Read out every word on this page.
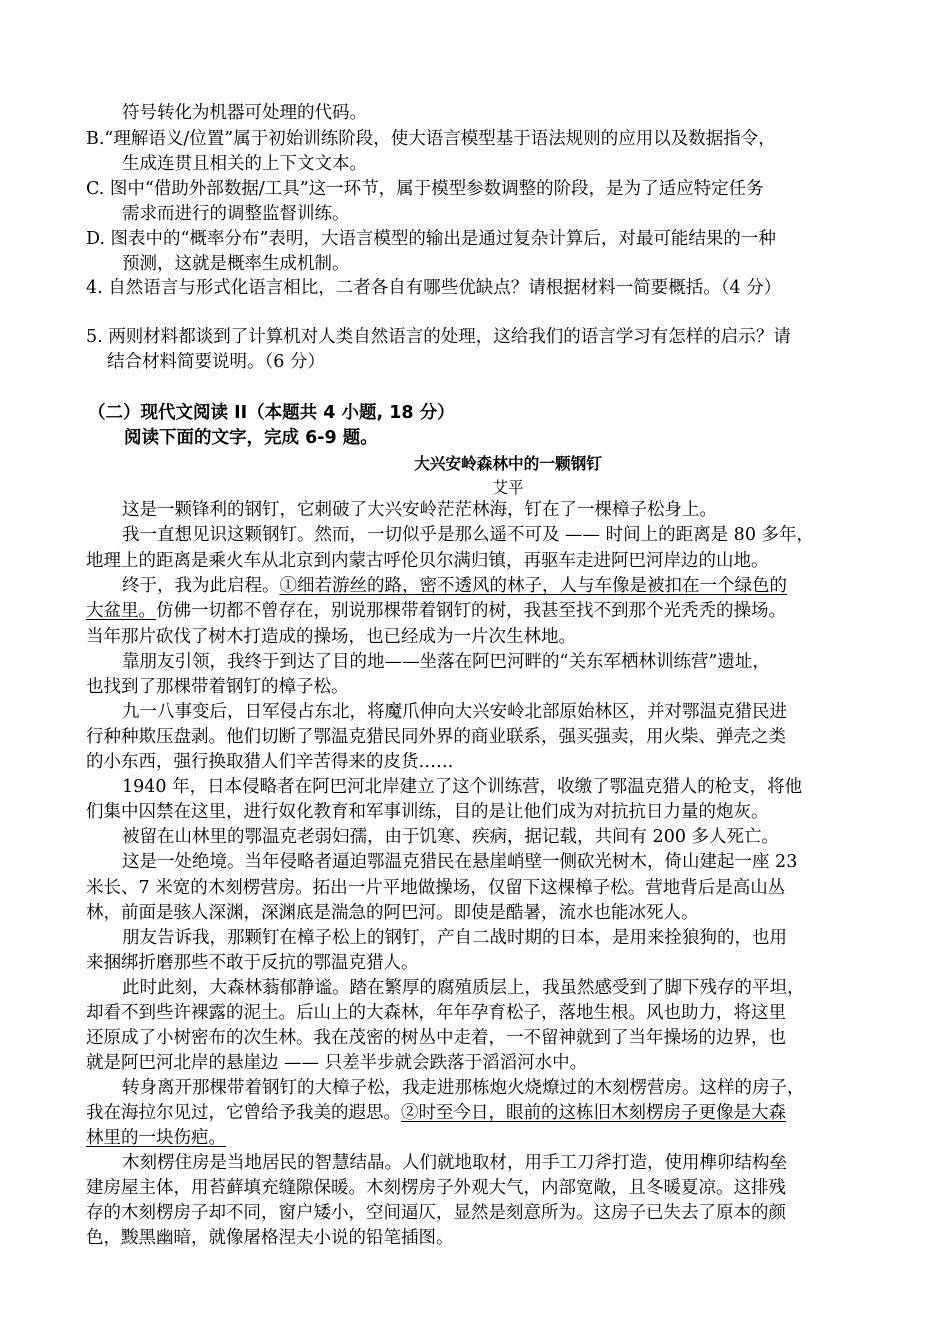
符号转化为机器可处理的代码。
B.“理解语义/位置”属于初始训练阶段，使大语言模型基于语法规则的应用以及数据指令，
生成连贯且相关的上下文文本。
C. 图中“借助外部数据/工具”这一环节，属于模型参数调整的阶段，是为了适应特定任务
需求而进行的调整监督训练。
D. 图表中的“概率分布”表明，大语言模型的输出是通过复杂计算后，对最可能结果的一种
预测，这就是概率生成机制。
4. 自然语言与形式化语言相比，二者各自有哪些优缺点？请根据材料一简要概括。（4 分）
5. 两则材料都谈到了计算机对人类自然语言的处理，这给我们的语言学习有怎样的启示？请
结合材料简要说明。（6 分）
（二）现代文阅读 II（本题共 4 小题, 18 分）
阅读下面的文字，完成 6-9 题。
大兴安岭森林中的一颗钢钉
艾平
这是一颗锋利的钢钉，它刺破了大兴安岭茫茫林海，钉在了一棵樟子松身上。
我一直想见识这颗钢钉。然而，一切似乎是那么遥不可及 —— 时间上的距离是 80 多年，
地理上的距离是乘火车从北京到内蒙古呼伦贝尔满归镇，再驱车走进阿巴河岸边的山地。
终于，我为此启程。①细若游丝的路，密不透风的林子，人与车像是被扣在一个绿色的
大盆里。仿佛一切都不曾存在，别说那棵带着钢钉的树，我甚至找不到那个光秃秃的操场。
当年那片砍伐了树木打造成的操场，也已经成为一片次生林地。
靠朋友引领，我终于到达了目的地——坐落在阿巴河畔的“关东军栖林训练营”遗址，
也找到了那棵带着钢钉的樟子松。
九一八事变后，日军侵占东北，将魔爪伸向大兴安岭北部原始林区，并对鄂温克猎民进
行种种欺压盘剥。他们切断了鄂温克猎民同外界的商业联系，强买强卖，用火柴、弹壳之类
的小东西，强行换取猎人们辛苦得来的皮货……
1940 年，日本侵略者在阿巴河北岸建立了这个训练营，收缴了鄂温克猎人的枪支，将他
们集中囚禁在这里，进行奴化教育和军事训练，目的是让他们成为对抗抗日力量的炮灰。
被留在山林里的鄂温克老弱妇孺，由于饥寒、疾病，据记载，共间有 200 多人死亡。
这是一处绝境。当年侵略者逼迫鄂温克猎民在悬崖峭壁一侧砍光树木，倚山建起一座 23
米长、7 米宽的木刻楞营房。拓出一片平地做操场，仅留下这棵樟子松。营地背后是高山丛
林，前面是骇人深渊，深渊底是湍急的阿巴河。即使是酷暑，流水也能冰死人。
朋友告诉我，那颗钉在樟子松上的钢钉，产自二战时期的日本，是用来拴狼狗的，也用
来捆绑折磨那些不敢于反抗的鄂温克猎人。
此时此刻，大森林蓊郁静谧。踏在繁厚的腐殖质层上，我虽然感受到了脚下残存的平坦，
却看不到些许裸露的泥土。后山上的大森林，年年孕育松子，落地生根。风也助力，将这里
还原成了小树密布的次生林。我在茂密的树丛中走着，一不留神就到了当年操场的边界，也
就是阿巴河北岸的悬崖边 —— 只差半步就会跌落于滔滔河水中。
转身离开那棵带着钢钉的大樟子松，我走进那栋炮火烧燎过的木刻楞营房。这样的房子，
我在海拉尔见过，它曾给予我美的遐思。②时至今日，眼前的这栋旧木刻楞房子更像是大森
林里的一块伤疤。
木刻楞住房是当地居民的智慧结晶。人们就地取材，用手工刀斧打造，使用榫卯结构垒
建房屋主体，用苔藓填充缝隙保暖。木刻楞房子外观大气，内部宽敞，且冬暖夏凉。这排残
存的木刻楞房子却不同，窗户矮小，空间逼仄，显然是刻意所为。这房子已失去了原本的颜
色，黢黑幽暗，就像屠格涅夫小说的铅笔插图。
